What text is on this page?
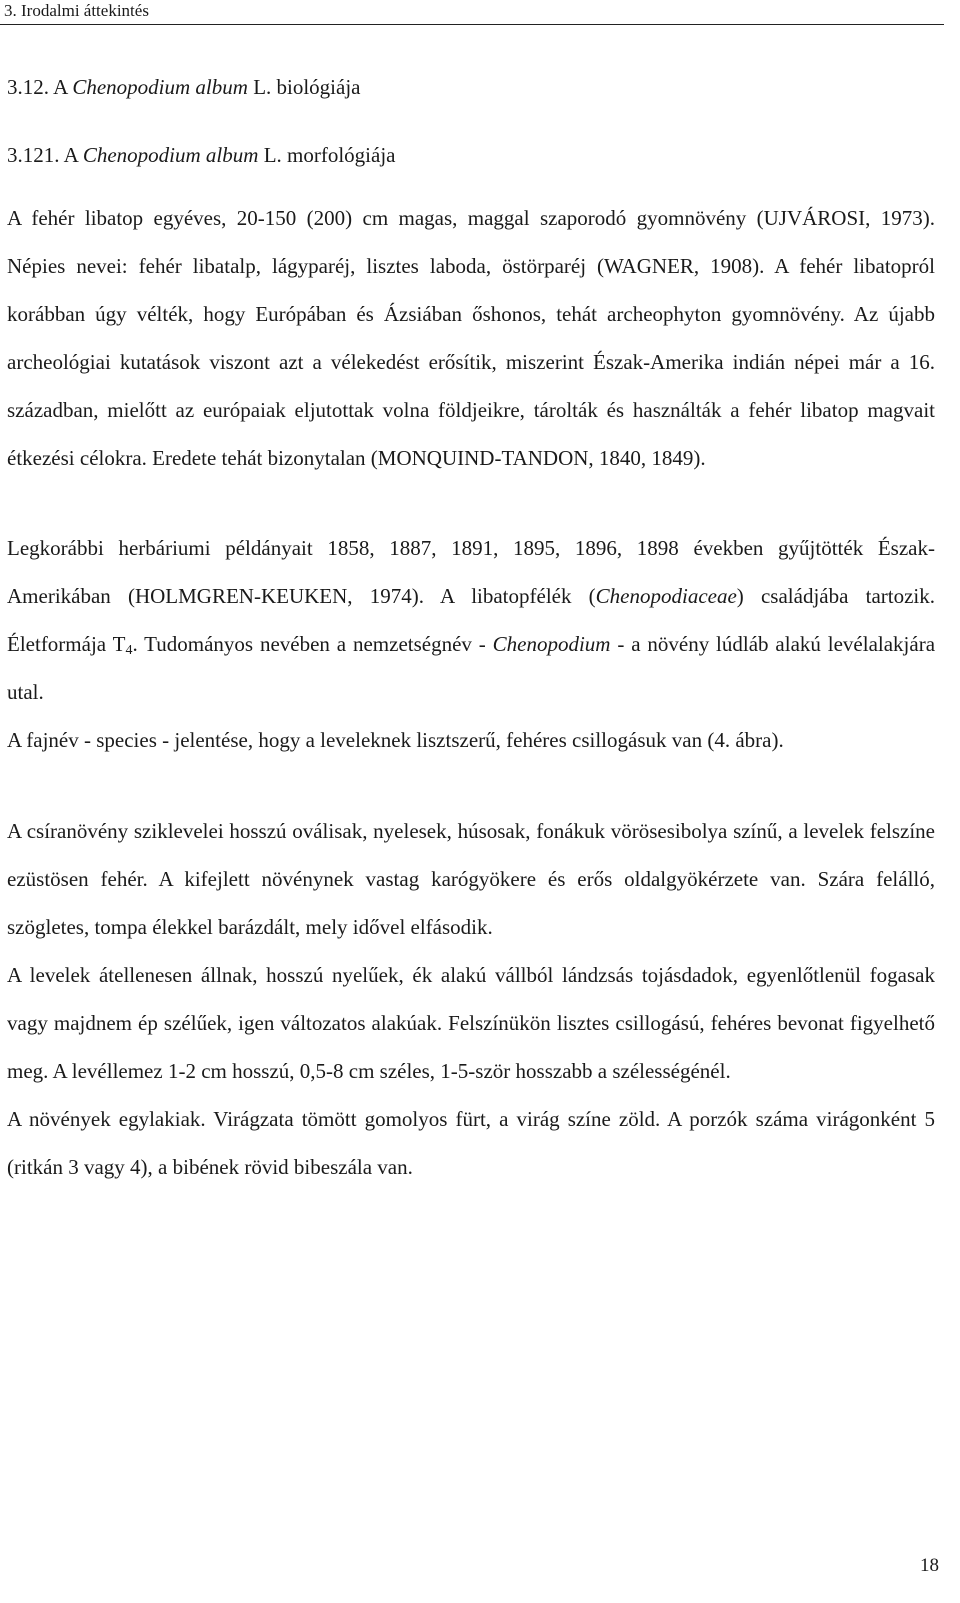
3. Irodalmi áttekintés
3.12. A Chenopodium album L. biológiája
3.121. A Chenopodium album L. morfológiája

A fehér libatop egyéves, 20-150 (200) cm magas, maggal szaporodó gyomnövény (UJVÁROSI, 1973). Népies nevei: fehér libatalp, lágyparéj, lisztes laboda, östörparéj (WAGNER, 1908). A fehér libatopról korábban úgy vélték, hogy Európában és Ázsiában őshonos, tehát archeophyton gyomnövény. Az újabb archeológiai kutatások viszont azt a vélekedést erősítik, miszerint Észak-Amerika indián népei már a 16. században, mielőtt az európaiak eljutottak volna földjeikre, tárolták és használták a fehér libatop magvait étkezési célokra. Eredete tehát bizonytalan (MONQUIND-TANDON, 1840, 1849).

Legkorábbi herbáriumi példányait 1858, 1887, 1891, 1895, 1896, 1898 években gyűjtötték Észak-Amerikában (HOLMGREN-KEUKEN, 1974). A libatopfélék (Chenopodiaceae) családjába tartozik. Életformája $T_4$. Tudományos nevében a nemzetségnév - Chenopodium - a növény lúdláb alakú levélalakjára utal.

A fajnév - species - jelentése, hogy a leveleknek lisztszerű, fehéres csillogásuk van (4. ábra).

A csíranövény sziklevelei hosszú oválisak, nyelesek, húsosak, fonákuk vörösesibolya színű, a levelek felszíne ezüstösen fehér. A kifejlett növénynek vastag karógyökere és erős oldalgyökérzete van. Szára felálló, szögletes, tompa élekkel barázdált, mely idővel elfásodik.

A levelek átellenesen állnak, hosszú nyelűek, ék alakú vállból lándzsás tojásdadok, egyenlőtlenül fogasak vagy majdnem ép szélűek, igen változatos alakúak. Felszínükön lisztes csillogású, fehéres bevonat figyelhető meg. A levéllemez 1-2 cm hosszú, 0,5-8 cm széles, 1-5-ször hosszabb a szélességénél.

A növények egylakiak. Virágzata tömött gomolyos fürt, a virág színe zöld. A porzók száma virágonként 5 (ritkán 3 vagy 4), a bibének rövid bibeszála van.

18
